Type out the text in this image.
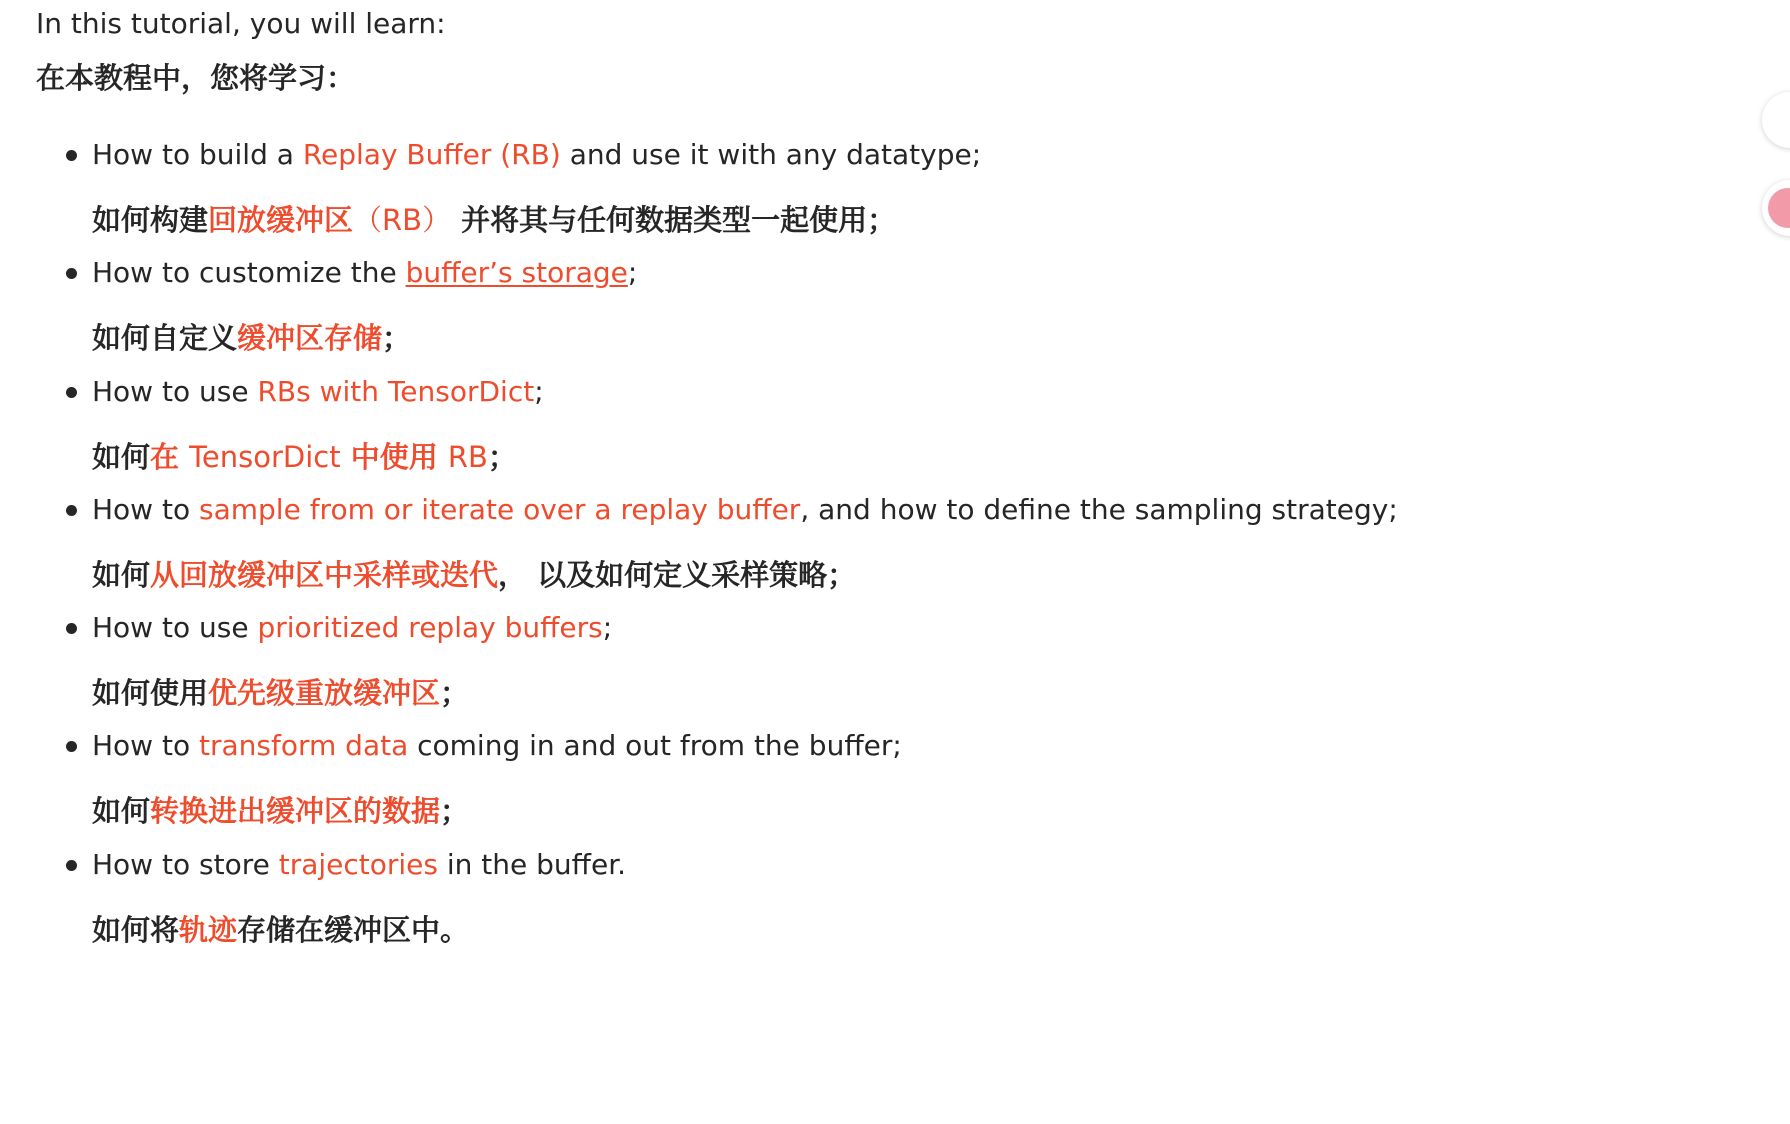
In this tutorial, you will learn:
在本教程中，您将学习：
How to build a Replay Buffer (RB) and use it with any datatype;
如何构建回放缓冲区（RB） 并将其与任何数据类型一起使用；
How to customize the buffer’s storage;
如何自定义缓冲区存储；
How to use RBs with TensorDict;
如何在 TensorDict 中使用 RB；
How to sample from or iterate over a replay buffer, and how to define the sampling strategy;
如何从回放缓冲区中采样或迭代， 以及如何定义采样策略；
How to use prioritized replay buffers;
如何使用优先级重放缓冲区；
How to transform data coming in and out from the buffer;
如何转换进出缓冲区的数据；
How to store trajectories in the buffer.
如何将轨迹存储在缓冲区中。
